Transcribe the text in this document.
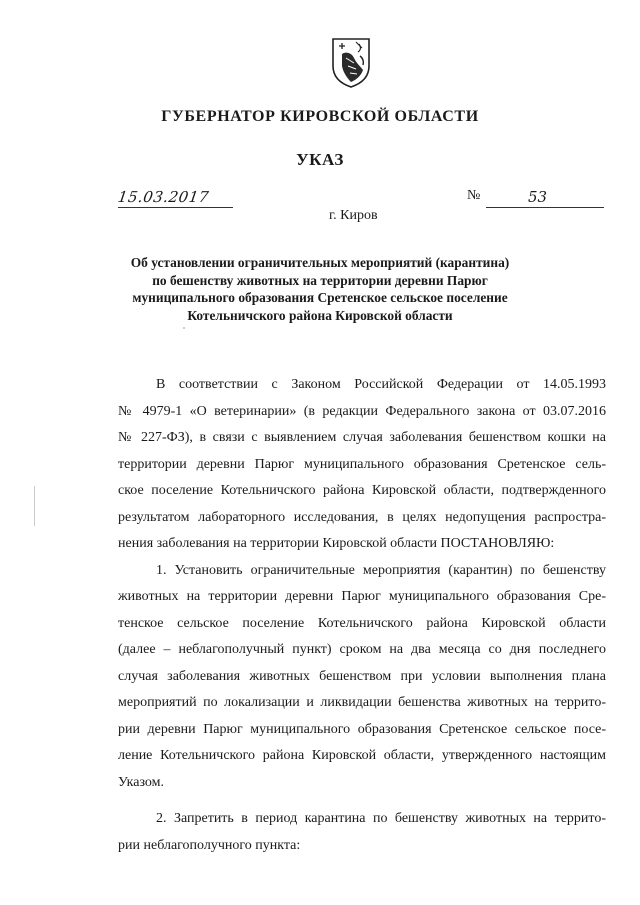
ГУБЕРНАТОР КИРОВСКОЙ ОБЛАСТИ
УКАЗ
15.03.2017	№	53
г. Киров
Об установлении ограничительных мероприятий (карантина)
по бешенству животных на территории деревни Парюг
муниципального образования Сретенское сельское поселение
Котельничского района Кировской области
В соответствии с Законом Российской Федерации от 14.05.1993
№ 4979-1 «О ветеринарии» (в редакции Федерального закона от 03.07.2016
№ 227-ФЗ), в связи с выявлением случая заболевания бешенством кошки на
территории деревни Парюг муниципального образования Сретенское сель-
ское поселение Котельничского района Кировской области, подтвержденного
результатом лабораторного исследования, в целях недопущения распростра-
нения заболевания на территории Кировской области ПОСТАНОВЛЯЮ:
1. Установить ограничительные мероприятия (карантин) по бешенству
животных на территории деревни Парюг муниципального образования Сре-
тенское сельское поселение Котельничского района Кировской области
(далее – неблагополучный пункт) сроком на два месяца со дня последнего
случая заболевания животных бешенством при условии выполнения плана
мероприятий по локализации и ликвидации бешенства животных на террито-
рии деревни Парюг муниципального образования Сретенское сельское посе-
ление Котельничского района Кировской области, утвержденного настоящим
Указом.
2. Запретить в период карантина по бешенству животных на террито-
рии неблагополучного пункта:
